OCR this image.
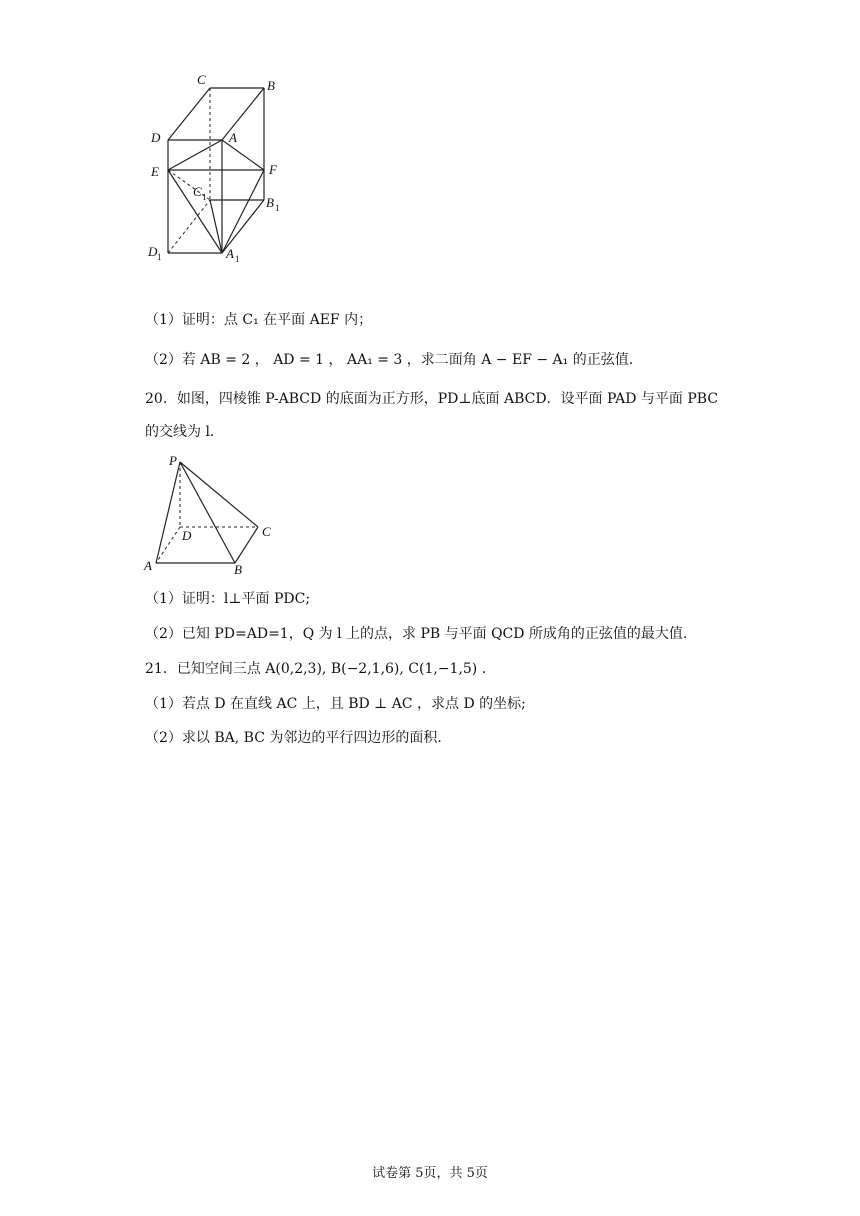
C	B
D	A
E	F
C 1	B 1
D 1	A 1
（1）证明：点 C₁ 在平面 AEF 内；
（2）若 AB = 2 ， AD = 1 ， AA₁ = 3 ，求二面角 A − EF − A₁ 的正弦值.
20．如图，四棱锥 P-ABCD 的底面为正方形，PD⊥底面 ABCD．设平面 PAD 与平面 PBC
的交线为 l.
P
D	C
A	B
（1）证明：l⊥平面 PDC;
（2）已知 PD=AD=1，Q 为 l 上的点，求 PB 与平面 QCD 所成角的正弦值的最大值.
21．已知空间三点 A(0,2,3), B(−2,1,6), C(1,−1,5) .
（1）若点 D 在直线 AC 上，且 BD ⊥ AC ，求点 D 的坐标;
（2）求以 BA, BC 为邻边的平行四边形的面积.
试卷第 5页，共 5页
